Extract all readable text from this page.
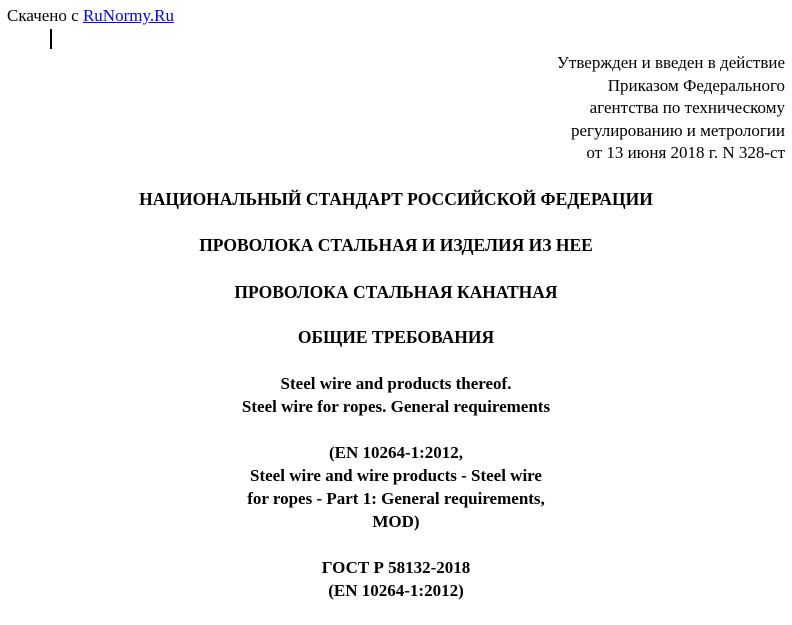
Скачено с RuNormy.Ru
Утвержден и введен в действие
Приказом Федерального
агентства по техническому
регулированию и метрологии
от 13 июня 2018 г. N 328-ст
НАЦИОНАЛЬНЫЙ СТАНДАРТ РОССИЙСКОЙ ФЕДЕРАЦИИ
ПРОВОЛОКА СТАЛЬНАЯ И ИЗДЕЛИЯ ИЗ НЕЕ
ПРОВОЛОКА СТАЛЬНАЯ КАНАТНАЯ
ОБЩИЕ ТРЕБОВАНИЯ
Steel wire and products thereof.
Steel wire for ropes. General requirements
(EN 10264-1:2012,
Steel wire and wire products - Steel wire
for ropes - Part 1: General requirements,
MOD)
ГОСТ Р 58132-2018
(EN 10264-1:2012)
